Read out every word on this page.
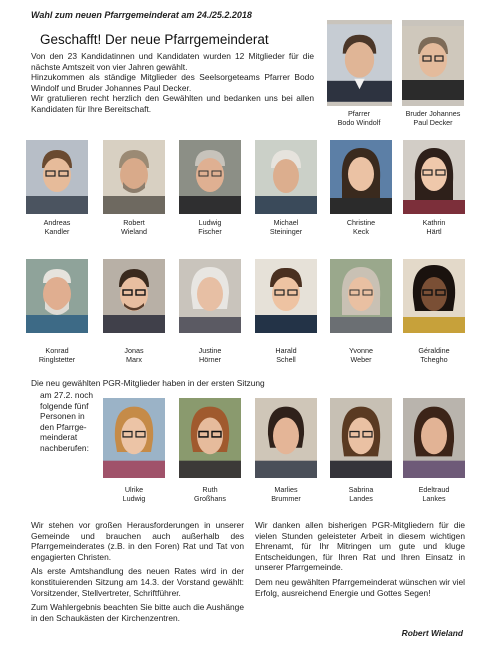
Wahl zum neuen Pfarrgemeinderat am 24./25.2.2018
Geschafft! Der neue Pfarrgemeinderat
Von den 23 Kandidatinnen und Kandidaten wurden 12 Mitglieder für die nächste Amtszeit von vier Jahren gewählt.
Hinzukommen als ständige Mitglieder des Seelsorgeteams Pfarrer Bodo Windolf und Bruder Johannes Paul Decker.
Wir gratulieren recht herzlich den Gewählten und bedanken uns bei allen Kandidaten für Ihre Bereitschaft.	Pfarrer
Bodo Windolf
Bruder Johannes
Paul Decker
Andreas
Kandler
Robert
Wieland
Ludwig
Fischer
Michael
Steininger
Christine
Keck
Kathrin
Härtl
Konrad
Ringlstetter
Jonas
Marx
Justine
Hörner
Harald
Schell
Yvonne
Weber
Géraldine
Tchegho
Die neu gewählten PGR-Mitglieder haben in der ersten Sitzung
am 27.2. noch
folgende fünf
Personen in
den Pfarrge-
meinderat
nachberufen:
Ulrike
Ludwig
Ruth
Großhans
Marlies
Brummer
Sabrina
Landes
Edeltraud
Lankes
Wir stehen vor großen Herausforderungen in unserer Gemeinde und brauchen auch außerhalb des Pfarrgemeinderates (z.B. in den Foren) Rat und Tat von engagierten Christen.
Als erste Amtshandlung des neuen Rates wird in der konstituierenden Sitzung am 14.3. der Vorstand gewählt: Vorsitzender, Stellvertreter, Schriftführer.
Zum Wahlergebnis beachten Sie bitte auch die Aushänge in den Schaukästen der Kirchenzentren.
Wir danken allen bisherigen PGR-Mitgliedern für die vielen Stunden geleisteter Arbeit in diesem wichtigen Ehrenamt, für Ihr Mitringen um gute und kluge Entscheidungen, für Ihren Rat und Ihren Einsatz in unserer Pfarrgemeinde.
Dem neu gewählten Pfarrgemeinderat wünschen wir viel Erfolg, ausreichend Energie und Gottes Segen!
Robert Wieland
